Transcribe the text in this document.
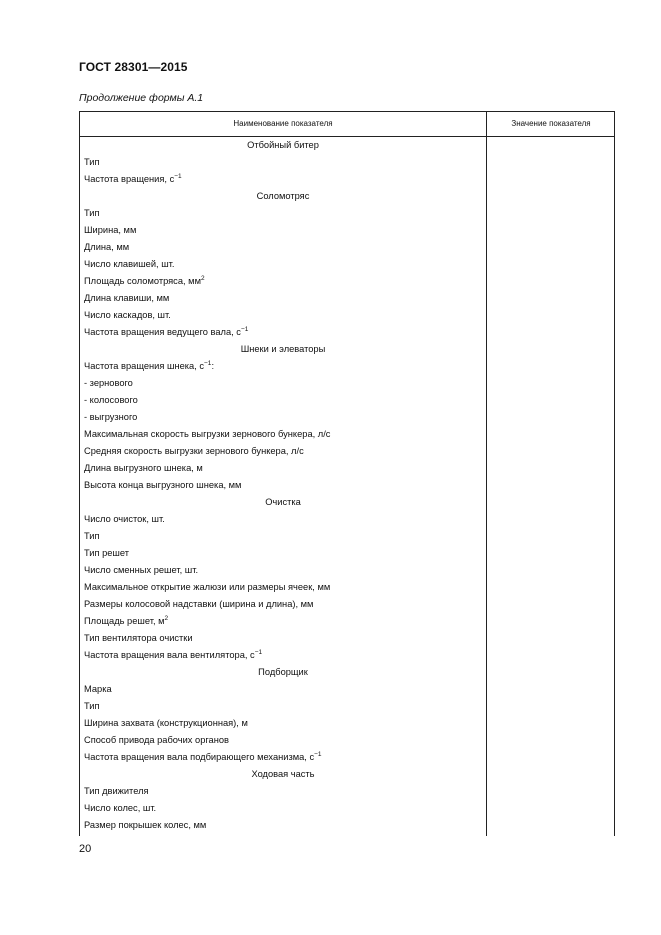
ГОСТ 28301—2015
Продолжение формы А.1
Наименование показателя	Значение показателя
Отбойный битер
Тип
Частота вращения, $с^{-1}$
Соломотряс
Тип
Ширина, мм
Длина, мм
Число клавишей, шт.
Площадь соломотряса, $мм^2$
Длина клавиши, мм
Число каскадов, шт.
Частота вращения ведущего вала, $с^{-1}$
Шнеки и элеваторы
Частота вращения шнека, $с^{-1}$:
- зернового
- колосового
- выгрузного
Максимальная скорость выгрузки зернового бункера, л/с
Средняя скорость выгрузки зернового бункера, л/с
Длина выгрузного шнека, м
Высота конца выгрузного шнека, мм
Очистка
Число очисток, шт.
Тип
Тип решет
Число сменных решет, шт.
Максимальное открытие жалюзи или размеры ячеек, мм
Размеры колосовой надставки (ширина и длина), мм
Площадь решет, $м^2$
Тип вентилятора очистки
Частота вращения вала вентилятора, $с^{-1}$
Подборщик
Марка
Тип
Ширина захвата (конструкционная), м
Способ привода рабочих органов
Частота вращения вала подбирающего механизма, $с^{-1}$
Ходовая часть
Тип движителя
Число колес, шт.
Размер покрышек колес, мм
20
